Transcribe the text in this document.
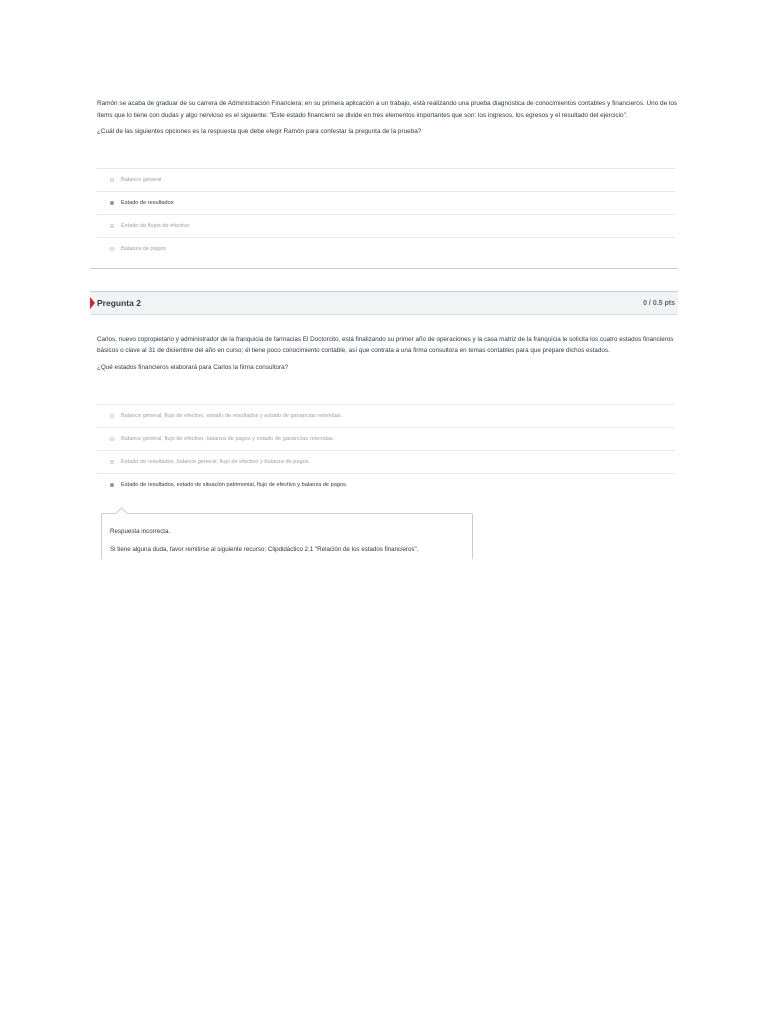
Ramón se acaba de graduar de su carrera de Administración Financiera; en su primera aplicación a un trabajo, está realizando una prueba diagnóstica de conocimientos contables y financieros. Uno de los ítems que lo tiene con dudas y algo nervioso es el siguiente: "Este estado financiero se divide en tres elementos importantes que son: los ingresos, los egresos y el resultado del ejercicio".

¿Cuál de las siguientes opciones es la respuesta que debe elegir Ramón para contestar la pregunta de la prueba?

Balance general
Estado de resultados
Estado de flujos de efectivo
Balanza de pagos
Pregunta 2	0 / 0.5 pts

Carlos, nuevo copropietario y administrador de la franquicia de farmacias El Doctorcito, está finalizando su primer año de operaciones y la casa matriz de la franquicia le solicita los cuatro estados financieros básicos o clave al 31 de diciembre del año en curso; él tiene poco conocimiento contable, así que contrata a una firma consultora en temas contables para que prepare dichos estados.

¿Qué estados financieros elaborará para Carlos la firma consultora?

Balance general, flujo de efectivo, estado de resultados y estado de ganancias retenidas.
Balance general, flujo de efectivo, balanza de pagos y estado de ganancias retenidas.
Estado de resultados, balance general, flujo de efectivo y balanza de pagos.
Estado de resultados, estado de situación patrimonial, flujo de efectivo y balanza de pagos.
Respuesta incorrecta.
Si tiene alguna duda, favor remitirse al siguiente recurso: Clipdidáctico 2.1 "Relación de los estados financieros".
